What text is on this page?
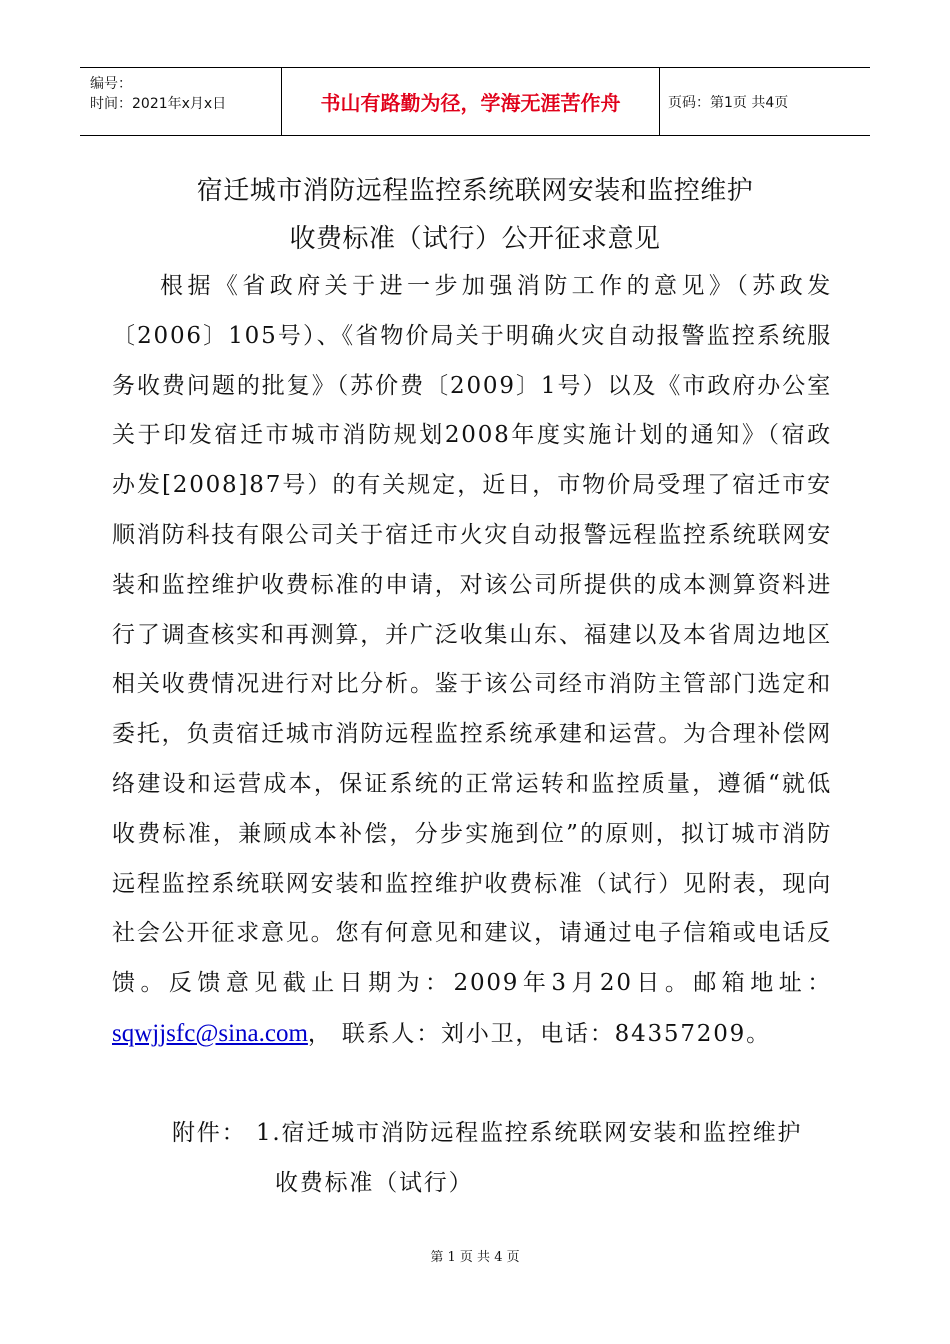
编号：
时间：2021年x月x日	书山有路勤为径，学海无涯苦作舟	页码：第1页 共4页
宿迁城市消防远程监控系统联网安装和监控维护
收费标准（试行）公开征求意见
根据《省政府关于进一步加强消防工作的意见》（苏政发〔2006〕105号）、《省物价局关于明确火灾自动报警监控系统服务收费问题的批复》（苏价费〔2009〕1号）以及《市政府办公室关于印发宿迁市城市消防规划2008年度实施计划的通知》（宿政办发[2008]87号）的有关规定，近日，市物价局受理了宿迁市安顺消防科技有限公司关于宿迁市火灾自动报警远程监控系统联网安装和监控维护收费标准的申请，对该公司所提供的成本测算资料进行了调查核实和再测算，并广泛收集山东、福建以及本省周边地区相关收费情况进行对比分析。鉴于该公司经市消防主管部门选定和委托，负责宿迁城市消防远程监控系统承建和运营。为合理补偿网络建设和运营成本，保证系统的正常运转和监控质量，遵循“就低收费标准，兼顾成本补偿，分步实施到位”的原则，拟订城市消防远程监控系统联网安装和监控维护收费标准（试行）见附表，现向社会公开征求意见。您有何意见和建议，请通过电子信箱或电话反馈。反馈意见截止日期为：2009年3月20日。邮箱地址：sqwjjsfc@sina.com， 联系人：刘小卫，电话：84357209。
附件： 1.宿迁城市消防远程监控系统联网安装和监控维护
收费标准（试行）
第 1 页 共 4 页
